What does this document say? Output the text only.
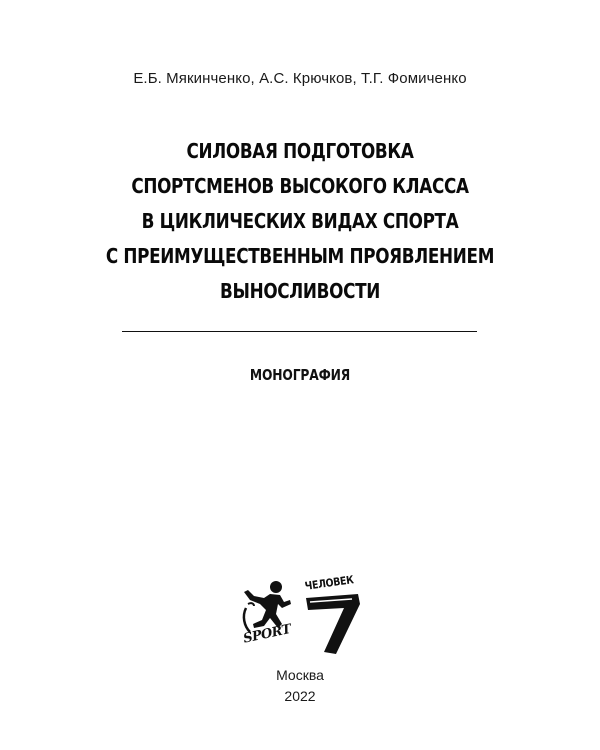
Е.Б. Мякинченко, А.С. Крючков, Т.Г. Фомиченко
СИЛОВАЯ ПОДГОТОВКА
СПОРТСМЕНОВ ВЫСОКОГО КЛАССА
В ЦИКЛИЧЕСКИХ ВИДАХ СПОРТА
С ПРЕИМУЩЕСТВЕННЫМ ПРОЯВЛЕНИЕМ
ВЫНОСЛИВОСТИ
МОНОГРАФИЯ
SPORT
ЧЕЛОВЕК
Москва
2022
